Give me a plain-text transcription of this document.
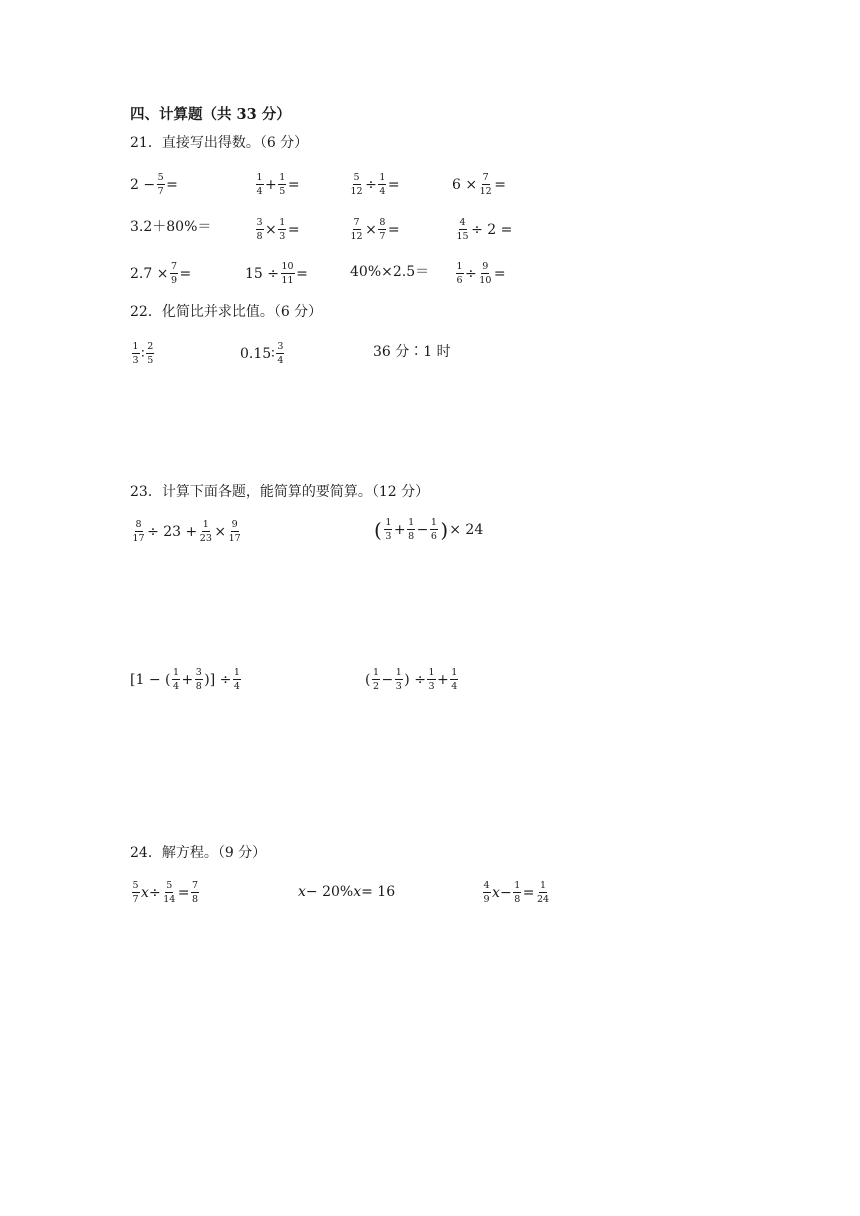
四、计算题（共 33 分）
21．直接写出得数。（6 分）
$2 - \frac{5}{7}$ =	$\frac{1}{4} + \frac{1}{5}$ =	$\frac{5}{12} \div \frac{1}{4}$ =	$6 \times \frac{7}{12}$ =
3.2＋80%＝	$\frac{3}{8} \times \frac{1}{3}$ =	$\frac{7}{12} \times \frac{8}{7}$ =	$\frac{4}{15} \div 2$ =
$2.7 \times \frac{7}{9}$ =	$15 \div \frac{10}{11}$ =	40%×2.5＝	$\frac{1}{6} \div \frac{9}{10}$ =
22．化简比并求比值。（6 分）
$\frac{1}{3}$ ∶ $\frac{2}{5}$	0.15∶ $\frac{3}{4}$	36 分∶1 时
23．计算下面各题，能简算的要简算。（12 分）
$\frac{8}{17} \div 23 + \frac{1}{23} \times \frac{9}{17}$	( $\frac{1}{3} + \frac{1}{8} - \frac{1}{6}$ ) × 24
[1 − ( $\frac{1}{4} + \frac{3}{8}$ )] ÷ $\frac{1}{4}$	( $\frac{1}{2} - \frac{1}{3}$ ) ÷ $\frac{1}{3} + \frac{1}{4}$
24．解方程。（9 分）
$\frac{5}{7}$ $x \div \frac{5}{14} = \frac{7}{8}$	x − 20% x = 16	$\frac{4}{9}$ $x - \frac{1}{8} = \frac{1}{24}$
